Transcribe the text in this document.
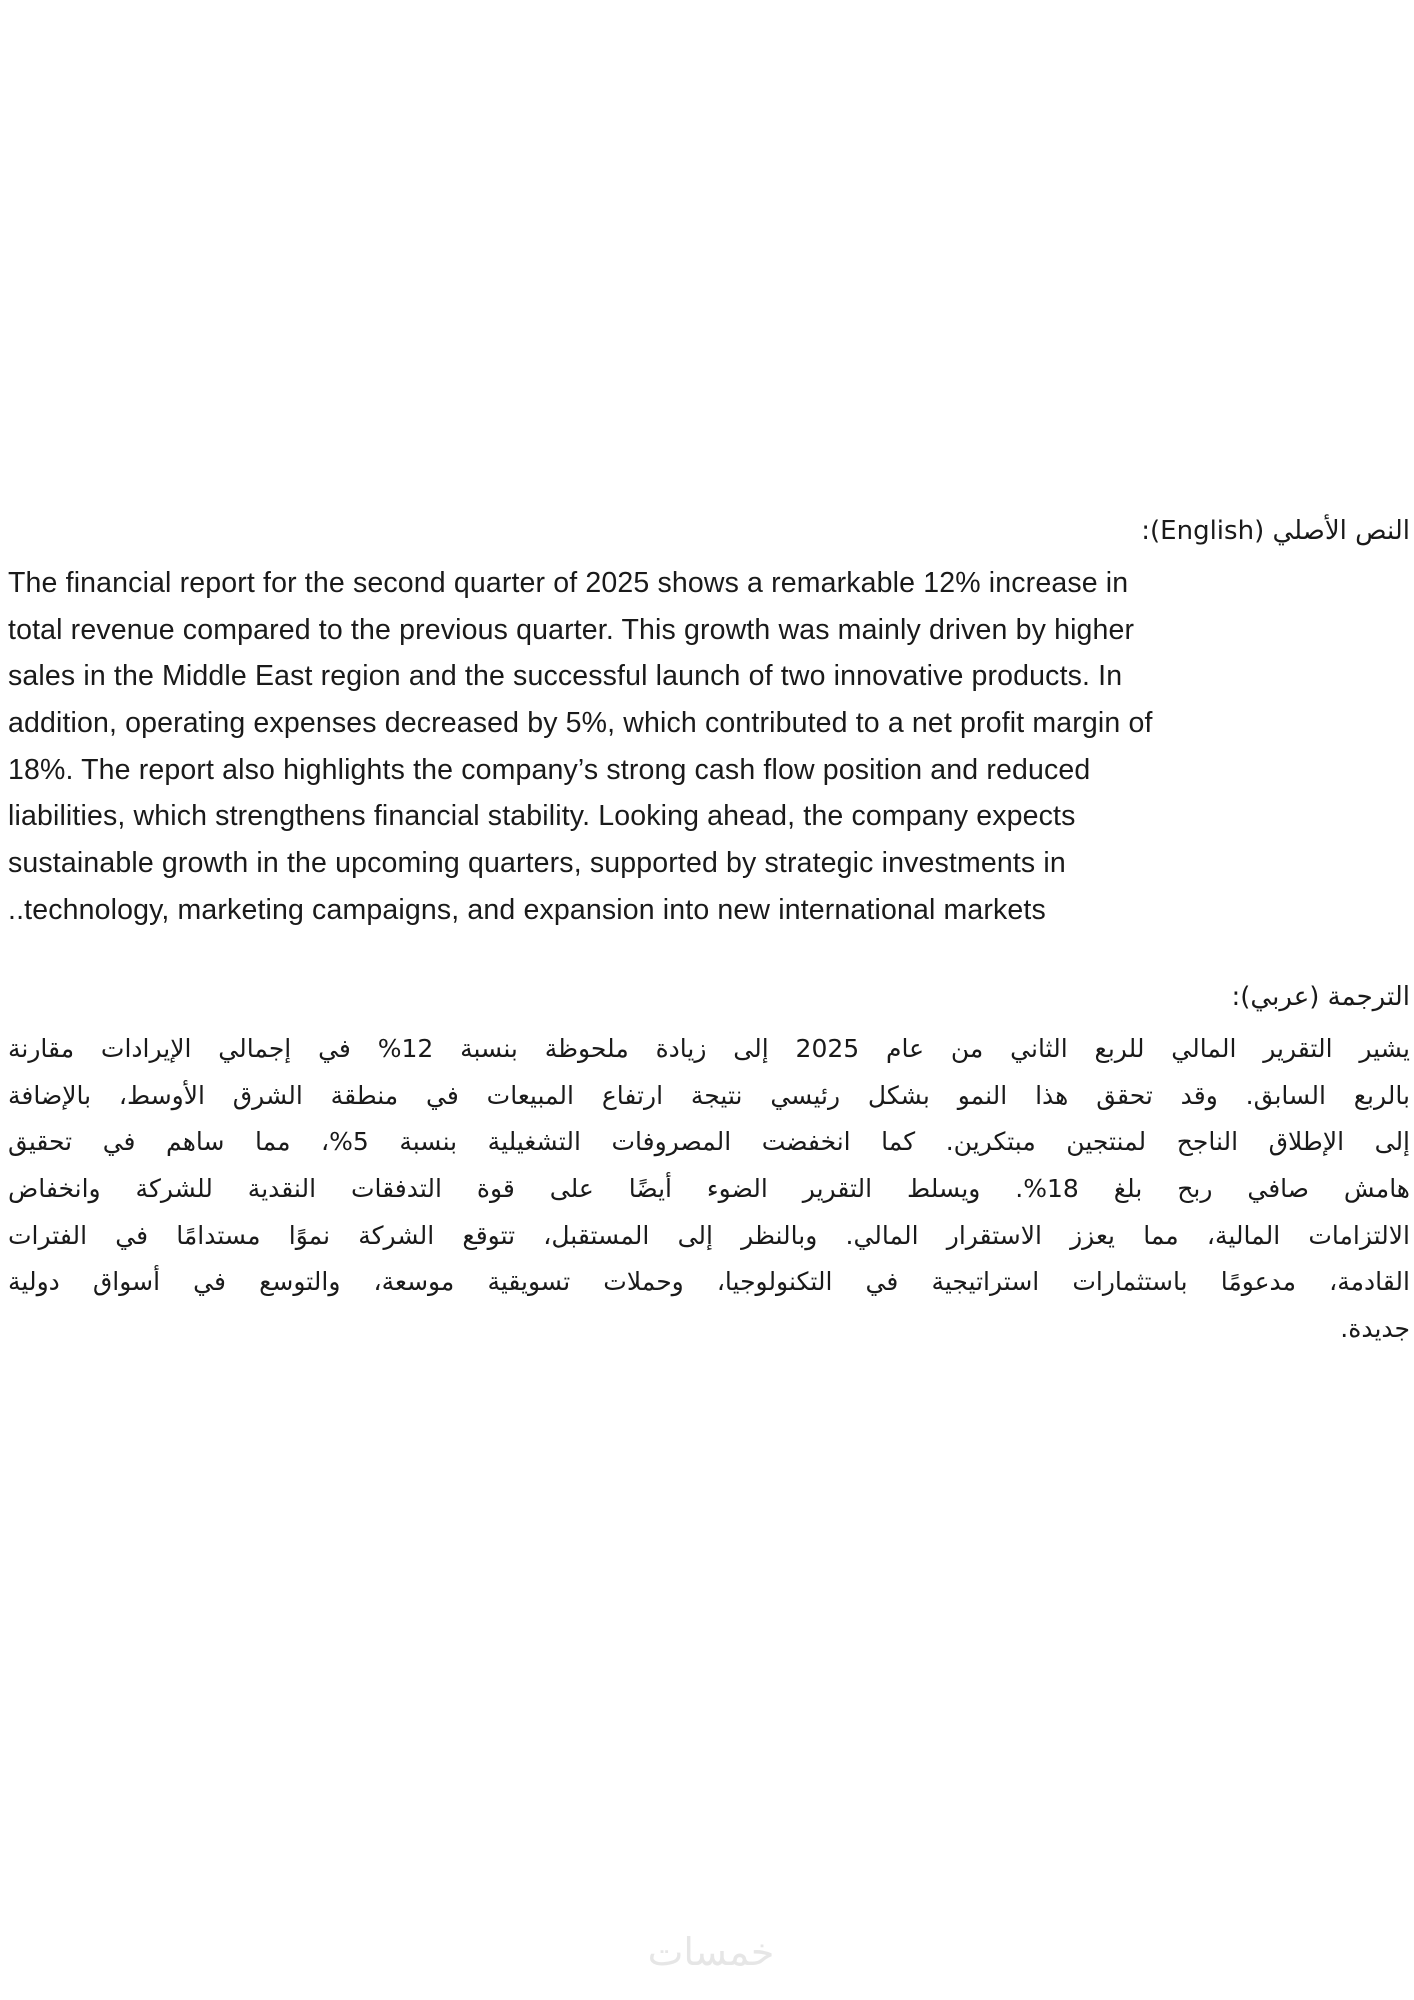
النص الأصلي (English):
The financial report for the second quarter of 2025 shows a remarkable 12% increase in
total revenue compared to the previous quarter. This growth was mainly driven by higher
sales in the Middle East region and the successful launch of two innovative products. In
addition, operating expenses decreased by 5%, which contributed to a net profit margin of
18%. The report also highlights the company’s strong cash flow position and reduced
liabilities, which strengthens financial stability. Looking ahead, the company expects
sustainable growth in the upcoming quarters, supported by strategic investments in
..technology, marketing campaigns, and expansion into new international markets
الترجمة (عربي):
يشير التقرير المالي للربع الثاني من عام 2025 إلى زيادة ملحوظة بنسبة 12% في إجمالي الإيرادات مقارنة
بالربع السابق. وقد تحقق هذا النمو بشكل رئيسي نتيجة ارتفاع المبيعات في منطقة الشرق الأوسط، بالإضافة
إلى الإطلاق الناجح لمنتجين مبتكرين. كما انخفضت المصروفات التشغيلية بنسبة 5%، مما ساهم في تحقيق
هامش صافي ربح بلغ 18%. ويسلط التقرير الضوء أيضًا على قوة التدفقات النقدية للشركة وانخفاض
الالتزامات المالية، مما يعزز الاستقرار المالي. وبالنظر إلى المستقبل، تتوقع الشركة نموًا مستدامًا في الفترات
القادمة، مدعومًا باستثمارات استراتيجية في التكنولوجيا، وحملات تسويقية موسعة، والتوسع في أسواق دولية
جديدة.
خمسات
